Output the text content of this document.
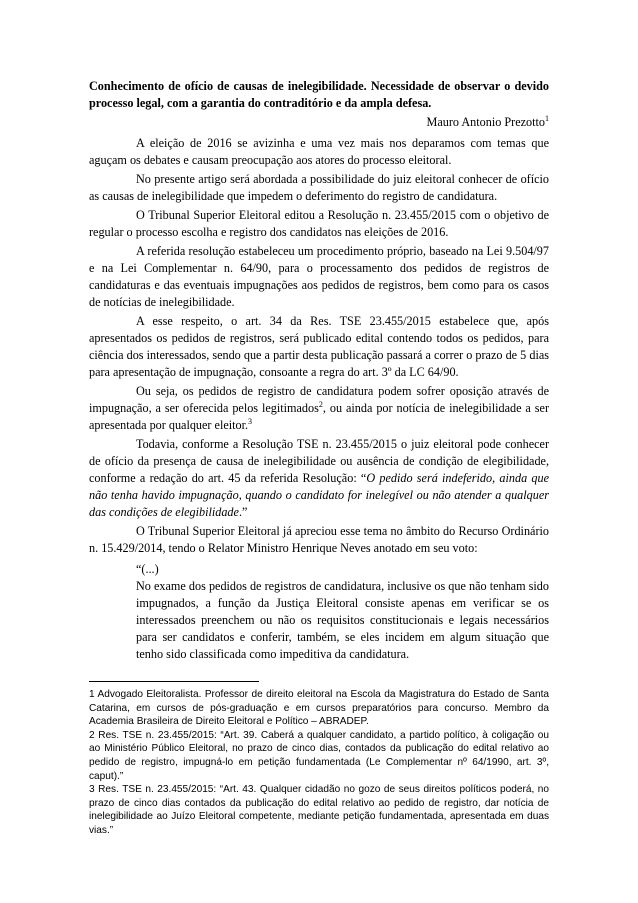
Conhecimento de ofício de causas de inelegibilidade. Necessidade de observar o devido processo legal, com a garantia do contraditório e da ampla defesa.
Mauro Antonio Prezotto$^1$
A eleição de 2016 se avizinha e uma vez mais nos deparamos com temas que aguçam os debates e causam preocupação aos atores do processo eleitoral.
No presente artigo será abordada a possibilidade do juiz eleitoral conhecer de ofício as causas de inelegibilidade que impedem o deferimento do registro de candidatura.
O Tribunal Superior Eleitoral editou a Resolução n. 23.455/2015 com o objetivo de regular o processo escolha e registro dos candidatos nas eleições de 2016.
A referida resolução estabeleceu um procedimento próprio, baseado na Lei 9.504/97 e na Lei Complementar n. 64/90, para o processamento dos pedidos de registros de candidaturas e das eventuais impugnações aos pedidos de registros, bem como para os casos de notícias de inelegibilidade.
A esse respeito, o art. 34 da Res. TSE 23.455/2015 estabelece que, após apresentados os pedidos de registros, será publicado edital contendo todos os pedidos, para ciência dos interessados, sendo que a partir desta publicação passará a correr o prazo de 5 dias para apresentação de impugnação, consoante a regra do art. 3º da LC 64/90.
Ou seja, os pedidos de registro de candidatura podem sofrer oposição através de impugnação, a ser oferecida pelos legitimados$^2$, ou ainda por notícia de inelegibilidade a ser apresentada por qualquer eleitor.$^3$
Todavia, conforme a Resolução TSE n. 23.455/2015 o juiz eleitoral pode conhecer de ofício da presença de causa de inelegibilidade ou ausência de condição de elegibilidade, conforme a redação do art. 45 da referida Resolução: “O pedido será indeferido, ainda que não tenha havido impugnação, quando o candidato for inelegível ou não atender a qualquer das condições de elegibilidade.”
O Tribunal Superior Eleitoral já apreciou esse tema no âmbito do Recurso Ordinário n. 15.429/2014, tendo o Relator Ministro Henrique Neves anotado em seu voto:
“(...)
No exame dos pedidos de registros de candidatura, inclusive os que não tenham sido impugnados, a função da Justiça Eleitoral consiste apenas em verificar se os interessados preenchem ou não os requisitos constitucionais e legais necessários para ser candidatos e conferir, também, se eles incidem em algum situação que tenho sido classificada como impeditiva da candidatura.
1 Advogado Eleitoralista. Professor de direito eleitoral na Escola da Magistratura do Estado de Santa Catarina, em cursos de pós-graduação e em cursos preparatórios para concurso. Membro da Academia Brasileira de Direito Eleitoral e Político – ABRADEP.
2 Res. TSE n. 23.455/2015: “Art. 39. Caberá a qualquer candidato, a partido político, à coligação ou ao Ministério Público Eleitoral, no prazo de cinco dias, contados da publicação do edital relativo ao pedido de registro, impugná-lo em petição fundamentada (Le Complementar nº 64/1990, art. 3º, caput).”
3 Res. TSE n. 23.455/2015: “Art. 43. Qualquer cidadão no gozo de seus direitos políticos poderá, no prazo de cinco dias contados da publicação do edital relativo ao pedido de registro, dar notícia de inelegibilidade ao Juízo Eleitoral competente, mediante petição fundamentada, apresentada em duas vias.”
